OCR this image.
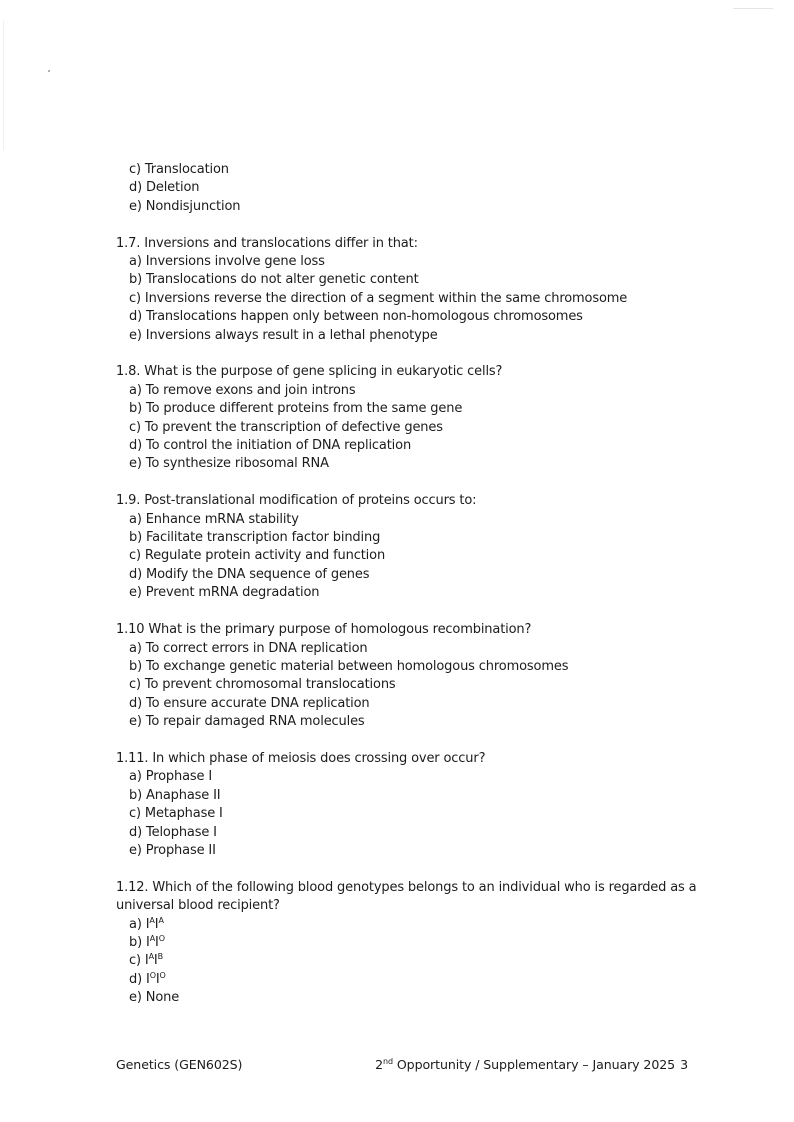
c) Translocation
d) Deletion
e) Nondisjunction
1.7. Inversions and translocations differ in that:
a) Inversions involve gene loss
b) Translocations do not alter genetic content
c) Inversions reverse the direction of a segment within the same chromosome
d) Translocations happen only between non-homologous chromosomes
e) Inversions always result in a lethal phenotype
1.8. What is the purpose of gene splicing in eukaryotic cells?
a) To remove exons and join introns
b) To produce different proteins from the same gene
c) To prevent the transcription of defective genes
d) To control the initiation of DNA replication
e) To synthesize ribosomal RNA
1.9. Post-translational modification of proteins occurs to:
a) Enhance mRNA stability
b) Facilitate transcription factor binding
c) Regulate protein activity and function
d) Modify the DNA sequence of genes
e) Prevent mRNA degradation
1.10 What is the primary purpose of homologous recombination?
a) To correct errors in DNA replication
b) To exchange genetic material between homologous chromosomes
c) To prevent chromosomal translocations
d) To ensure accurate DNA replication
e) To repair damaged RNA molecules
1.11. In which phase of meiosis does crossing over occur?
a) Prophase I
b) Anaphase II
c) Metaphase I
d) Telophase I
e) Prophase II
1.12. Which of the following blood genotypes belongs to an individual who is regarded as a
universal blood recipient?
a) $I^AI^A$
b) $I^AI^O$
c) $I^AI^B$
d) $I^OI^O$
e) None
Genetics (GEN602S)	2nd Opportunity / Supplementary – January 2025 3
